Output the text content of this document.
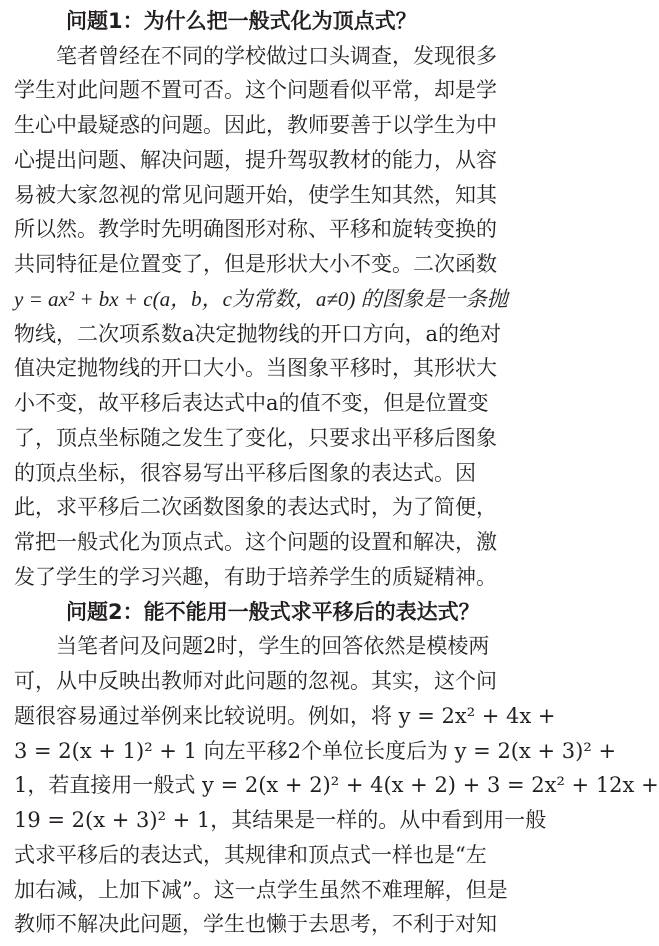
问题1：为什么把一般式化为顶点式？
笔者曾经在不同的学校做过口头调查，发现很多
学生对此问题不置可否。这个问题看似平常，却是学
生心中最疑惑的问题。因此，教师要善于以学生为中
心提出问题、解决问题，提升驾驭教材的能力，从容
易被大家忽视的常见问题开始，使学生知其然，知其
所以然。教学时先明确图形对称、平移和旋转变换的
共同特征是位置变了，但是形状大小不变。二次函数
y = ax² + bx + c(a，b，c为常数，a≠0) 的图象是一条抛
物线，二次项系数a决定抛物线的开口方向，a的绝对
值决定抛物线的开口大小。当图象平移时，其形状大
小不变，故平移后表达式中a的值不变，但是位置变
了，顶点坐标随之发生了变化，只要求出平移后图象
的顶点坐标，很容易写出平移后图象的表达式。因
此，求平移后二次函数图象的表达式时，为了简便，
常把一般式化为顶点式。这个问题的设置和解决，激
发了学生的学习兴趣，有助于培养学生的质疑精神。
问题2：能不能用一般式求平移后的表达式？
当笔者问及问题2时，学生的回答依然是模棱两
可，从中反映出教师对此问题的忽视。其实，这个问
题很容易通过举例来比较说明。例如，将 y = 2x² + 4x +
3 = 2(x + 1)² + 1 向左平移2个单位长度后为 y = 2(x + 3)² +
1，若直接用一般式 y = 2(x + 2)² + 4(x + 2) + 3 = 2x² + 12x +
19 = 2(x + 3)² + 1，其结果是一样的。从中看到用一般
式求平移后的表达式，其规律和顶点式一样也是“左
加右减，上加下减”。这一点学生虽然不难理解，但是
教师不解决此问题，学生也懒于去思考，不利于对知
